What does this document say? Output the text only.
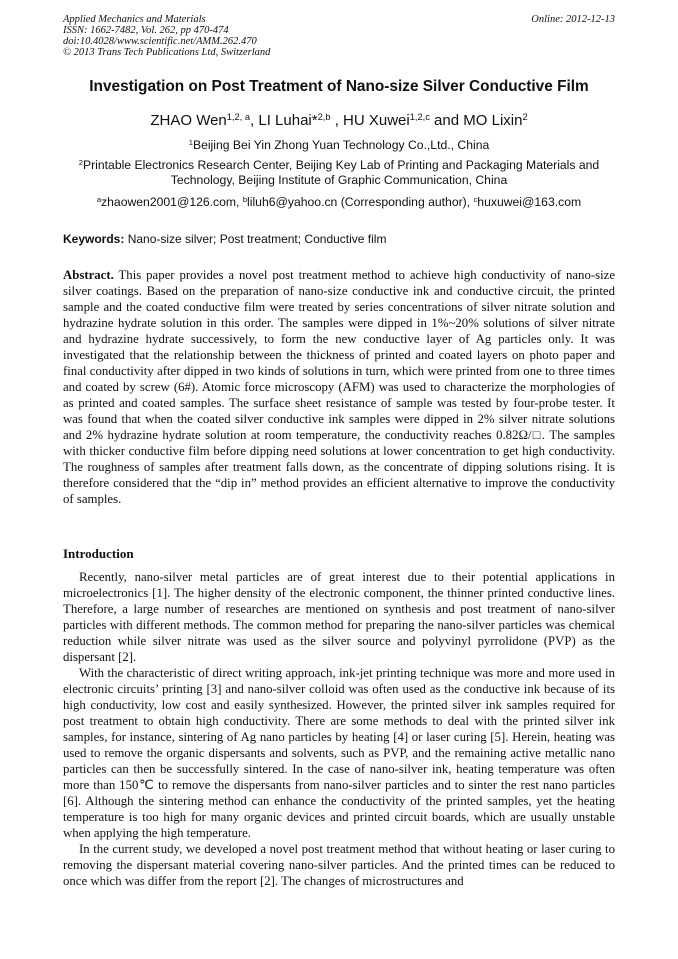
Applied Mechanics and Materials
ISSN: 1662-7482, Vol. 262, pp 470-474
doi:10.4028/www.scientific.net/AMM.262.470
© 2013 Trans Tech Publications Ltd, Switzerland
Online: 2012-12-13
Investigation on Post Treatment of Nano-size Silver Conductive Film
ZHAO Wen$^{1,2, a}$, LI Luhai*$^{2,b}$ , HU Xuwei$^{1,2,c}$ and MO Lixin$^2$
$^1$Beijing Bei Yin Zhong Yuan Technology Co.,Ltd., China
$^2$Printable Electronics Research Center, Beijing Key Lab of Printing and Packaging Materials and Technology, Beijing Institute of Graphic Communication, China
$^a$zhaowen2001@126.com, $^b$liluh6@yahoo.cn (Corresponding author), $^c$huxuwei@163.com
Keywords: Nano-size silver; Post treatment; Conductive film
Abstract. This paper provides a novel post treatment method to achieve high conductivity of nano-size silver coatings. Based on the preparation of nano-size conductive ink and conductive circuit, the printed sample and the coated conductive film were treated by series concentrations of silver nitrate solution and hydrazine hydrate solution in this order. The samples were dipped in 1%~20% solutions of silver nitrate and hydrazine hydrate successively, to form the new conductive layer of Ag particles only. It was investigated that the relationship between the thickness of printed and coated layers on photo paper and final conductivity after dipped in two kinds of solutions in turn, which were printed from one to three times and coated by screw (6#). Atomic force microscopy (AFM) was used to characterize the morphologies of as printed and coated samples. The surface sheet resistance of sample was tested by four-probe tester. It was found that when the coated silver conductive ink samples were dipped in 2% silver nitrate solutions and 2% hydrazine hydrate solution at room temperature, the conductivity reaches 0.82Ω/□. The samples with thicker conductive film before dipping need solutions at lower concentration to get high conductivity. The roughness of samples after treatment falls down, as the concentrate of dipping solutions rising. It is therefore considered that the “dip in” method provides an efficient alternative to improve the conductivity of samples.
Introduction

Recently, nano-silver metal particles are of great interest due to their potential applications in microelectronics [1]. The higher density of the electronic component, the thinner printed conductive lines. Therefore, a large number of researches are mentioned on synthesis and post treatment of nano-silver particles with different methods. The common method for preparing the nano-silver particles was chemical reduction while silver nitrate was used as the silver source and polyvinyl pyrrolidone (PVP) as the dispersant [2].

With the characteristic of direct writing approach, ink-jet printing technique was more and more used in electronic circuits’ printing [3] and nano-silver colloid was often used as the conductive ink because of its high conductivity, low cost and easily synthesized. However, the printed silver ink samples required for post treatment to obtain high conductivity. There are some methods to deal with the printed silver ink samples, for instance, sintering of Ag nano particles by heating [4] or laser curing [5]. Herein, heating was used to remove the organic dispersants and solvents, such as PVP, and the remaining active metallic nano particles can then be successfully sintered. In the case of nano-silver ink, heating temperature was often more than 150℃ to remove the dispersants from nano-silver particles and to sinter the rest nano particles [6]. Although the sintering method can enhance the conductivity of the printed samples, yet the heating temperature is too high for many organic devices and printed circuit boards, which are usually unstable when applying the high temperature.

In the current study, we developed a novel post treatment method that without heating or laser curing to removing the dispersant material covering nano-silver particles. And the printed times can be reduced to once which was differ from the report [2]. The changes of microstructures and
